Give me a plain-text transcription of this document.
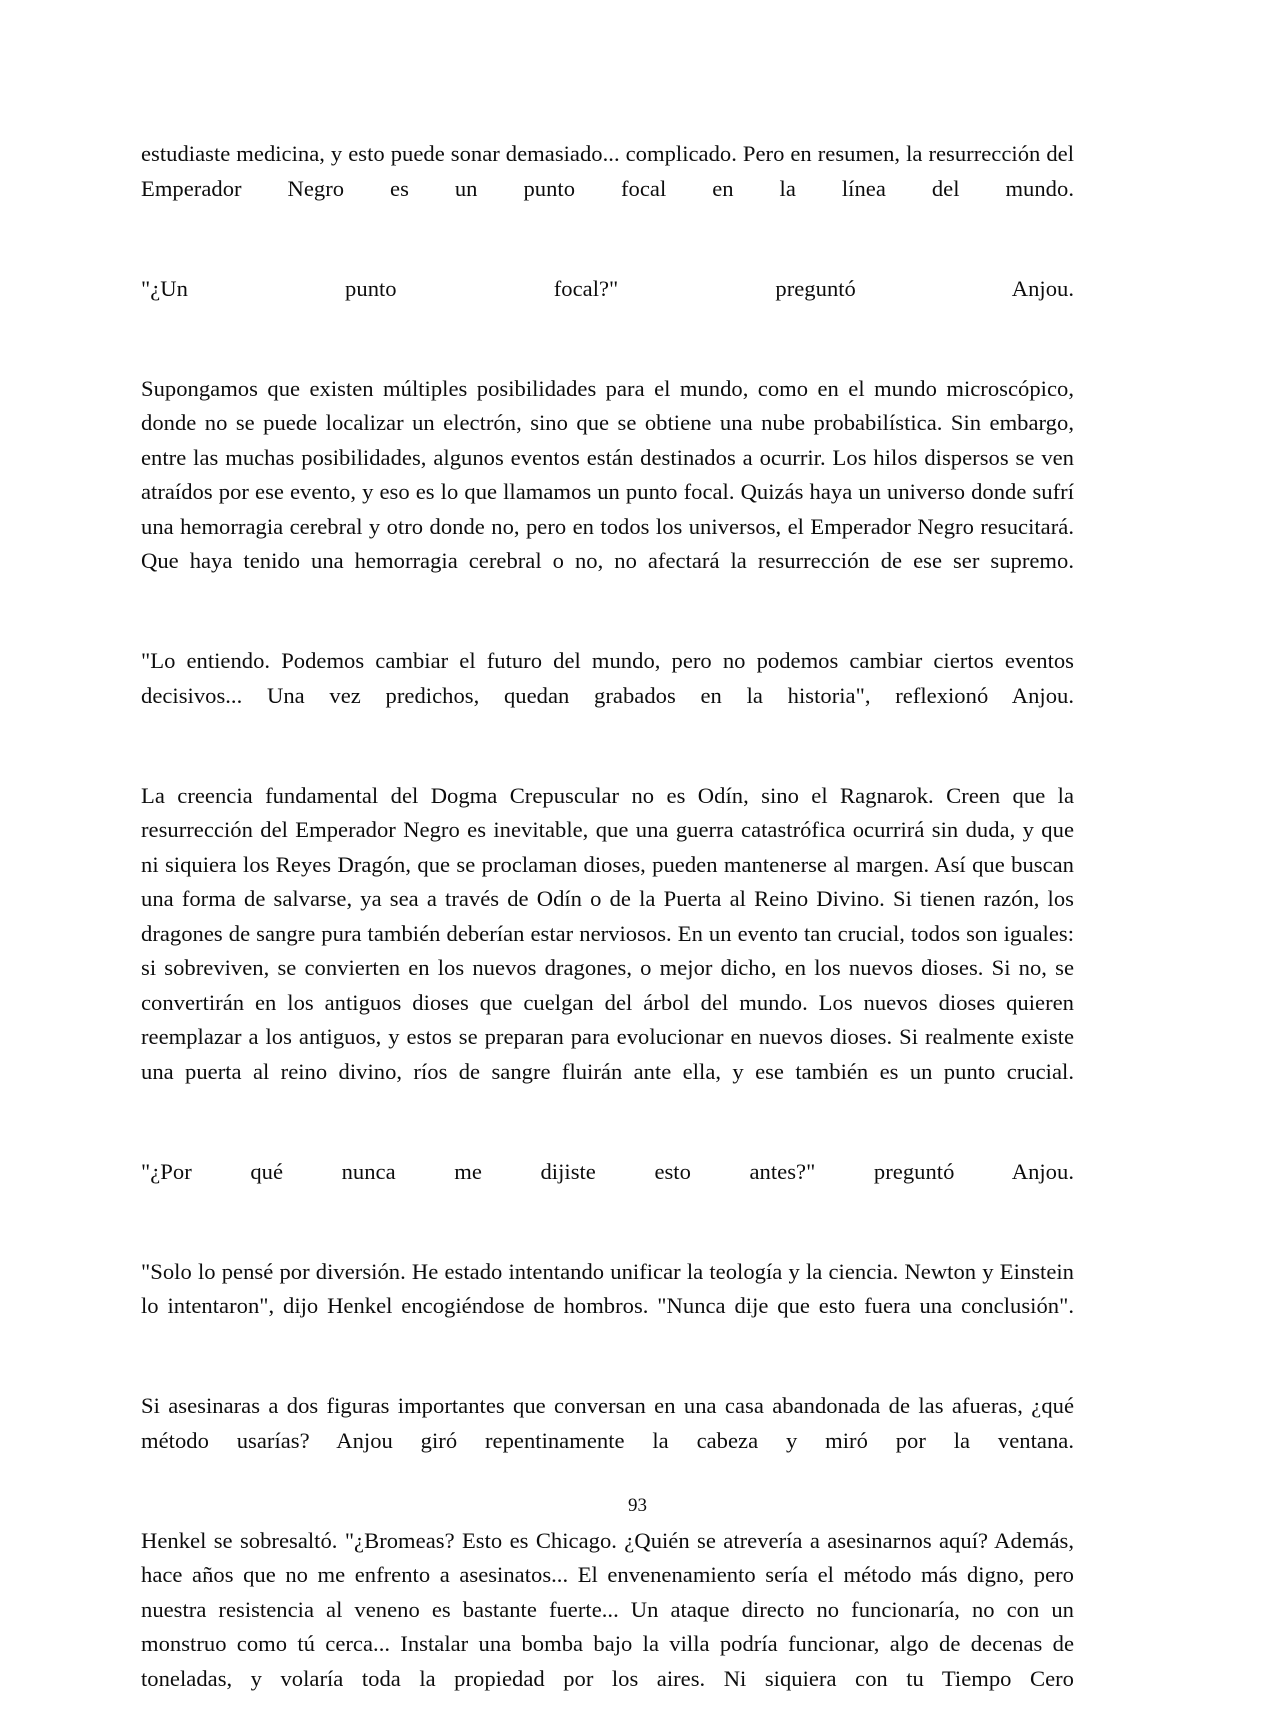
estudiaste medicina, y esto puede sonar demasiado... complicado. Pero en resumen, la resurrección del Emperador Negro es un punto focal en la línea del mundo.

"¿Un punto focal?" preguntó Anjou.

Supongamos que existen múltiples posibilidades para el mundo, como en el mundo microscópico, donde no se puede localizar un electrón, sino que se obtiene una nube probabilística. Sin embargo, entre las muchas posibilidades, algunos eventos están destinados a ocurrir. Los hilos dispersos se ven atraídos por ese evento, y eso es lo que llamamos un punto focal. Quizás haya un universo donde sufrí una hemorragia cerebral y otro donde no, pero en todos los universos, el Emperador Negro resucitará. Que haya tenido una hemorragia cerebral o no, no afectará la resurrección de ese ser supremo.

"Lo entiendo. Podemos cambiar el futuro del mundo, pero no podemos cambiar ciertos eventos decisivos... Una vez predichos, quedan grabados en la historia", reflexionó Anjou.

La creencia fundamental del Dogma Crepuscular no es Odín, sino el Ragnarok. Creen que la resurrección del Emperador Negro es inevitable, que una guerra catastrófica ocurrirá sin duda, y que ni siquiera los Reyes Dragón, que se proclaman dioses, pueden mantenerse al margen. Así que buscan una forma de salvarse, ya sea a través de Odín o de la Puerta al Reino Divino. Si tienen razón, los dragones de sangre pura también deberían estar nerviosos. En un evento tan crucial, todos son iguales: si sobreviven, se convierten en los nuevos dragones, o mejor dicho, en los nuevos dioses. Si no, se convertirán en los antiguos dioses que cuelgan del árbol del mundo. Los nuevos dioses quieren reemplazar a los antiguos, y estos se preparan para evolucionar en nuevos dioses. Si realmente existe una puerta al reino divino, ríos de sangre fluirán ante ella, y ese también es un punto crucial.

"¿Por qué nunca me dijiste esto antes?" preguntó Anjou.

"Solo lo pensé por diversión. He estado intentando unificar la teología y la ciencia. Newton y Einstein lo intentaron", dijo Henkel encogiéndose de hombros. "Nunca dije que esto fuera una conclusión".

Si asesinaras a dos figuras importantes que conversan en una casa abandonada de las afueras, ¿qué método usarías? Anjou giró repentinamente la cabeza y miró por la ventana.

Henkel se sobresaltó. "¿Bromeas? Esto es Chicago. ¿Quién se atrevería a asesinarnos aquí? Además, hace años que no me enfrento a asesinatos... El envenenamiento sería el método más digno, pero nuestra resistencia al veneno es bastante fuerte... Un ataque directo no funcionaría, no con un monstruo como tú cerca... Instalar una bomba bajo la villa podría funcionar, algo de decenas de toneladas, y volaría toda la propiedad por los aires. Ni siquiera con tu Tiempo Cero

93
